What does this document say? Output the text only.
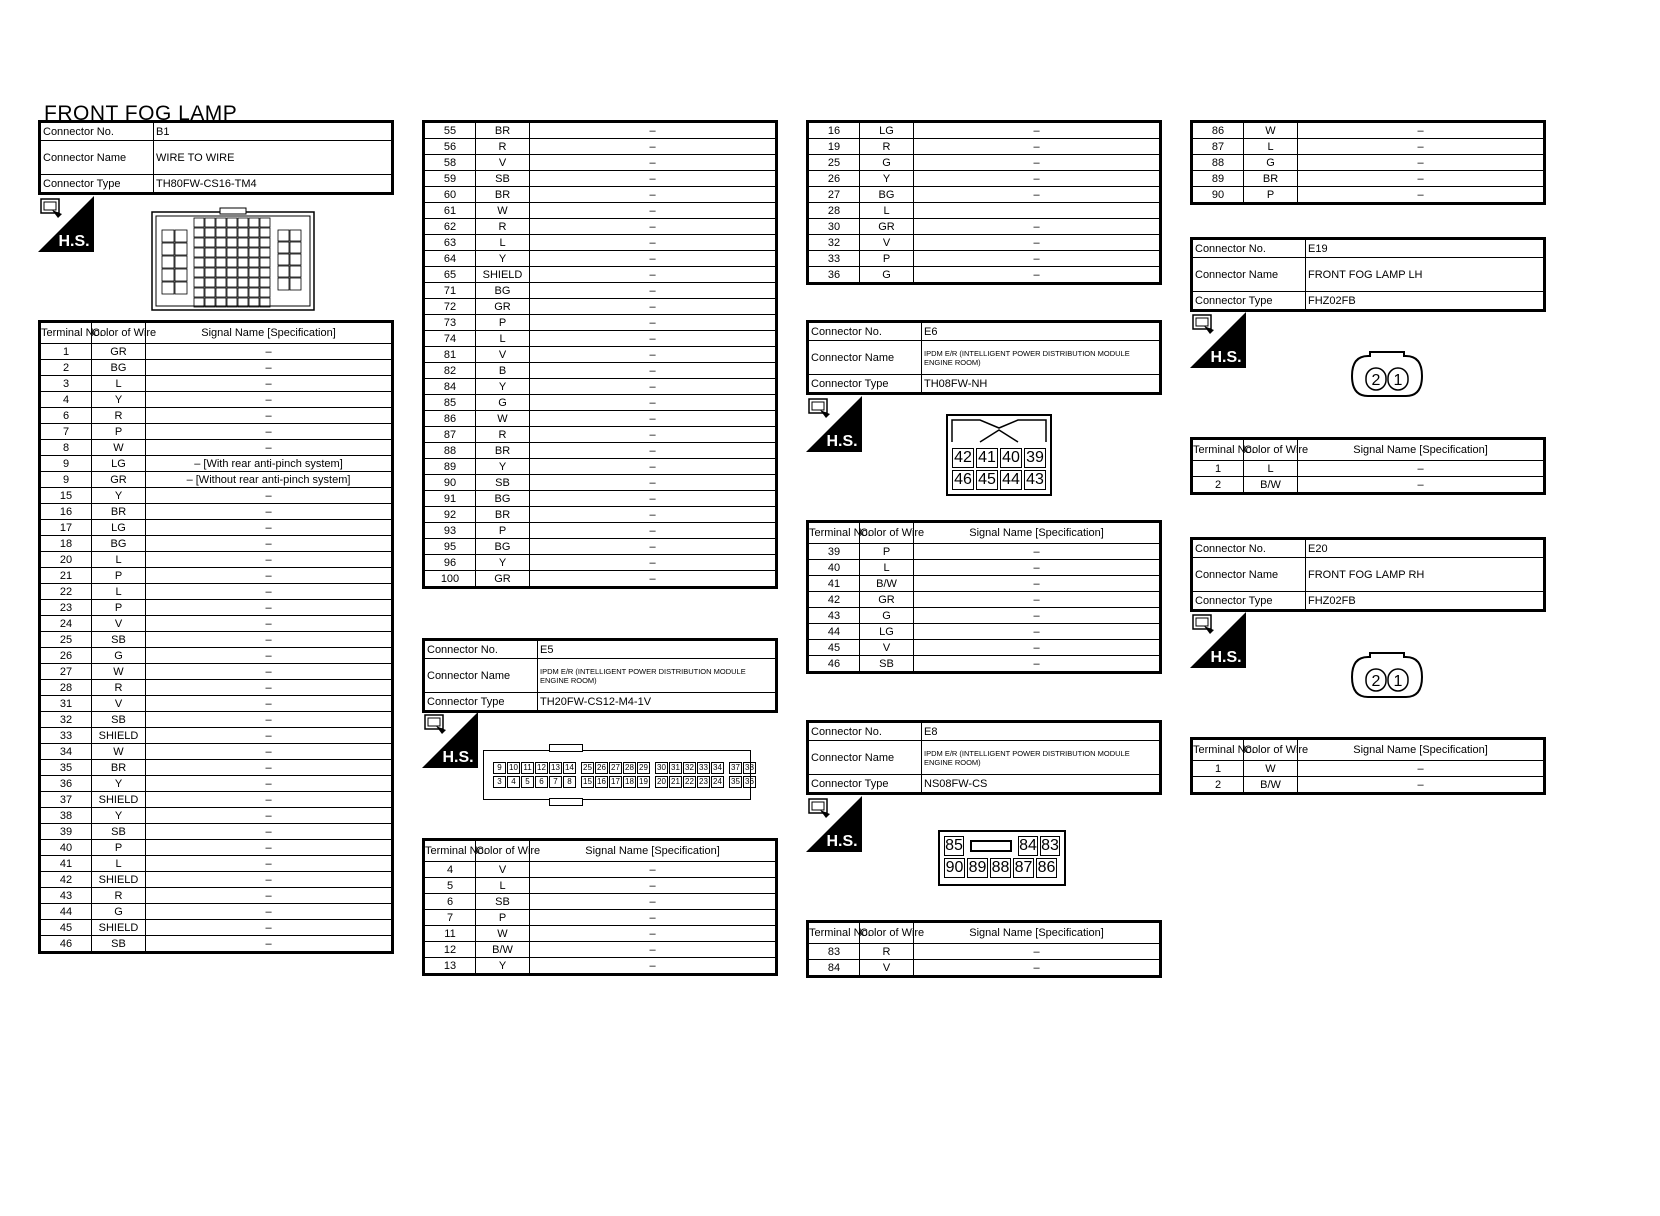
FRONT FOG LAMP
Connector No.	B1
Connector Name	WIRE TO WIRE
Connector Type	TH80FW-CS16-TM4
H.S.
Terminal No.	Color of Wire	Signal Name [Specification]
1	GR	–
2	BG	–
3	L	–
4	Y	–
6	R	–
7	P	–
8	W	–
9	LG	– [With rear anti-pinch system]
9	GR	– [Without rear anti-pinch system]
15	Y	–
16	BR	–
17	LG	–
18	BG	–
20	L	–
21	P	–
22	L	–
23	P	–
24	V	–
25	SB	–
26	G	–
27	W	–
28	R	–
31	V	–
32	SB	–
33	SHIELD	–
34	W	–
35	BR	–
36	Y	–
37	SHIELD	–
38	Y	–
39	SB	–
40	P	–
41	L	–
42	SHIELD	–
43	R	–
44	G	–
45	SHIELD	–
46	SB	–
55	BR	–
56	R	–
58	V	–
59	SB	–
60	BR	–
61	W	–
62	R	–
63	L	–
64	Y	–
65	SHIELD	–
71	BG	–
72	GR	–
73	P	–
74	L	–
81	V	–
82	B	–
84	Y	–
85	G	–
86	W	–
87	R	–
88	BR	–
89	Y	–
90	SB	–
91	BG	–
92	BR	–
93	P	–
95	BG	–
96	Y	–
100	GR	–
Connector No.	E5
Connector Name	IPDM E/R (INTELLIGENT POWER DISTRIBUTION MODULE ENGINE ROOM)
Connector Type	TH20FW-CS12-M4-1V
H.S.
9 10 11 12 13 14 25 26 27 28 29 30 31 32 33 34 37 38
3	4	5	6	7	8	15 16 17 18 19 20 21 22 23 24 35 36
Terminal No.	Color of Wire	Signal Name [Specification]
4	V	–
5	L	–
6	SB	–
7	P	–
11	W	–
12	B/W	–
13	Y	–
16	LG	–
19	R	–
25	G	–
26	Y	–
27	BG	–
28	L	
30	GR	–
32	V	–
33	P	–
36	G	–
Connector No.	E6
Connector Name	IPDM E/R (INTELLIGENT POWER DISTRIBUTION MODULE ENGINE ROOM)
Connector Type	TH08FW-NH
H.S.
42 41 40 39
46 45 44 43
Terminal No.	Color of Wire	Signal Name [Specification]
39	P	–
40	L	–
41	B/W	–
42	GR	–
43	G	–
44	LG	–
45	V	–
46	SB	–
Connector No.	E8
Connector Name	IPDM E/R (INTELLIGENT POWER DISTRIBUTION MODULE ENGINE ROOM)
Connector Type	NS08FW-CS
H.S.	85	84 83
90 89 88 87 86
Terminal No.	Color of Wire	Signal Name [Specification]
83	R	–
84	V	–
86	W	–
87	L	–
88	G	–
89	BR	–
90	P	–
Connector No.	E19
Connector Name	FRONT FOG LAMP LH
Connector Type	FHZ02FB
H.S.
2 1
Terminal No.	Color of Wire	Signal Name [Specification]
1	L	–
2	B/W	–
Connector No.	E20
Connector Name	FRONT FOG LAMP RH
Connector Type	FHZ02FB
H.S.
2 1
Terminal No.	Color of Wire	Signal Name [Specification]
1	W	–
2	B/W	–
